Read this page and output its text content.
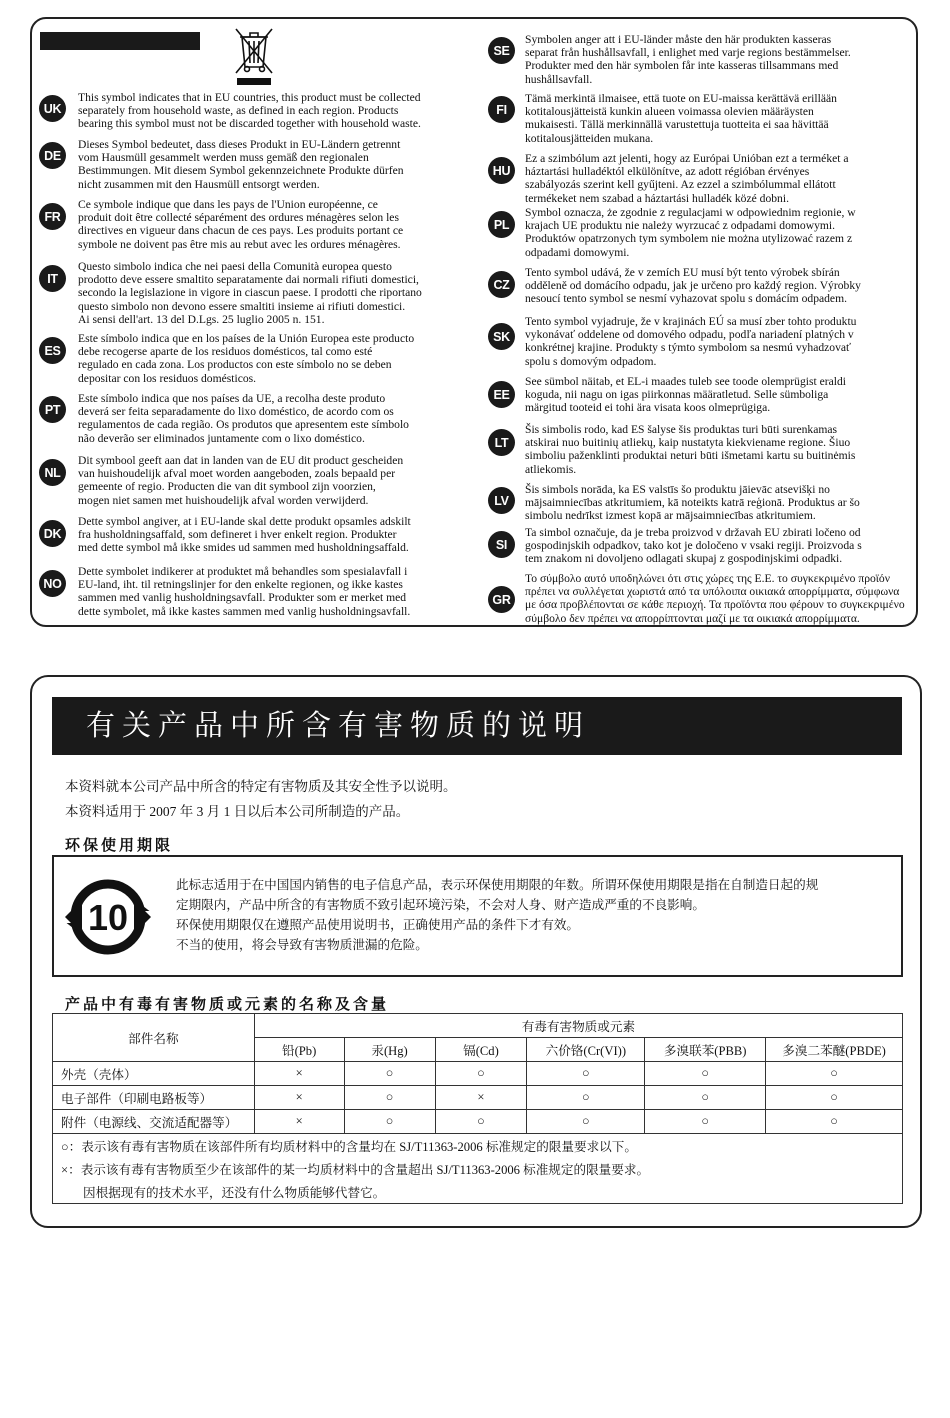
UK
This symbol indicates that in EU countries, this product must be collected
separately from household waste, as defined in each region. Products
bearing this symbol must not be discarded together with household waste.
DE
Dieses Symbol bedeutet, dass dieses Produkt in EU-Ländern getrennt
vom Hausmüll gesammelt werden muss gemäß den regionalen
Bestimmungen. Mit diesem Symbol gekennzeichnete Produkte dürfen
nicht zusammen mit den Hausmüll entsorgt werden.
FR
Ce symbole indique que dans les pays de l'Union européenne, ce
produit doit être collecté séparément des ordures ménagères selon les
directives en vigueur dans chacun de ces pays. Les produits portant ce
symbole ne doivent pas être mis au rebut avec les ordures ménagères.
IT
Questo simbolo indica che nei paesi della Comunità europea questo
prodotto deve essere smaltito separatamente dai normali rifiuti domestici,
secondo la legislazione in vigore in ciascun paese. I prodotti che riportano
questo simbolo non devono essere smaltiti insieme ai rifiuti domestici.
Ai sensi dell'art. 13 del D.Lgs. 25 luglio 2005 n. 151.
ES
Este símbolo indica que en los países de la Unión Europea este producto
debe recogerse aparte de los residuos domésticos, tal como esté
regulado en cada zona. Los productos con este símbolo no se deben
depositar con los residuos domésticos.
PT
Este símbolo indica que nos países da UE, a recolha deste produto
deverá ser feita separadamente do lixo doméstico, de acordo com os
regulamentos de cada região. Os produtos que apresentem este símbolo
não deverão ser eliminados juntamente com o lixo doméstico.
NL
Dit symbool geeft aan dat in landen van de EU dit product gescheiden
van huishoudelijk afval moet worden aangeboden, zoals bepaald per
gemeente of regio. Producten die van dit symbool zijn voorzien,
mogen niet samen met huishoudelijk afval worden verwijderd.
DK
Dette symbol angiver, at i EU-lande skal dette produkt opsamles adskilt
fra husholdningsaffald, som defineret i hver enkelt region. Produkter
med dette symbol må ikke smides ud sammen med husholdningsaffald.
NO
Dette symbolet indikerer at produktet må behandles som spesialavfall i
EU-land, iht. til retningslinjer for den enkelte regionen, og ikke kastes
sammen med vanlig husholdningsavfall. Produkter som er merket med
dette symbolet, må ikke kastes sammen med vanlig husholdningsavfall.
SE
Symbolen anger att i EU-länder måste den här produkten kasseras
separat från hushållsavfall, i enlighet med varje regions bestämmelser.
Produkter med den här symbolen får inte kasseras tillsammans med
hushållsavfall.
FI
Tämä merkintä ilmaisee, että tuote on EU-maissa kerättävä erillään
kotitalousjätteistä kunkin alueen voimassa olevien määräysten
mukaisesti. Tällä merkinnällä varustettuja tuotteita ei saa hävittää
kotitalousjätteiden mukana.
HU
Ez a szimbólum azt jelenti, hogy az Európai Unióban ezt a terméket a
háztartási hulladéktól elkülönítve, az adott régióban érvényes
szabályozás szerint kell gyűjteni. Az ezzel a szimbólummal ellátott
termékeket nem szabad a háztartási hulladék közé dobni.
PL
Symbol oznacza, że zgodnie z regulacjami w odpowiednim regionie, w
krajach UE produktu nie należy wyrzucać z odpadami domowymi.
Produktów opatrzonych tym symbolem nie można utylizować razem z
odpadami domowymi.
CZ
Tento symbol udává, že v zemích EU musí být tento výrobek sbírán
odděleně od domácího odpadu, jak je určeno pro každý region. Výrobky
nesoucí tento symbol se nesmí vyhazovat spolu s domácím odpadem.
SK
Tento symbol vyjadruje, že v krajinách EÚ sa musí zber tohto produktu
vykonávať oddelene od domového odpadu, podľa nariadení platných v
konkrétnej krajine. Produkty s týmto symbolom sa nesmú vyhadzovať
spolu s domovým odpadom.
EE
See sümbol näitab, et EL-i maades tuleb see toode olemprügist eraldi
koguda, nii nagu on igas piirkonnas määratletud. Selle sümboliga
märgitud tooteid ei tohi ära visata koos olmeprügiga.
LT
Šis simbolis rodo, kad ES šalyse šis produktas turi būti surenkamas
atskirai nuo buitinių atliekų, kaip nustatyta kiekviename regione. Šiuo
simboliu paženklinti produktai neturi būti išmetami kartu su buitinėmis
atliekomis.
LV
Šis simbols norāda, ka ES valstīs šo produktu jāievāc atsevišķi no
mājsaimniecības atkritumiem, kā noteikts katrā reģionā. Produktus ar šo
simbolu nedrīkst izmest kopā ar mājsaimniecības atkritumiem.
SI
Ta simbol označuje, da je treba proizvod v državah EU zbirati ločeno od
gospodinjskih odpadkov, tako kot je določeno v vsaki regiji. Proizvoda s
tem znakom ni dovoljeno odlagati skupaj z gospodinjskimi odpadki.
GR
Το σύμβολο αυτό υποδηλώνει ότι στις χώρες της Ε.Ε. το συγκεκριμένο προϊόν
πρέπει να συλλέγεται χωριστά από τα υπόλοιπα οικιακά απορρίμματα, σύμφωνα
με όσα προβλέπονται σε κάθε περιοχή. Τα προϊόντα που φέρουν το συγκεκριμένο
σύμβολο δεν πρέπει να απορρίπτονται μαζί με τα οικιακά απορρίμματα.
有关产品中所含有害物质的说明
本资料就本公司产品中所含的特定有害物质及其安全性予以说明。
本资料适用于 2007 年 3 月 1 日以后本公司所制造的产品。
环保使用期限
10
此标志适用于在中国国内销售的电子信息产品，表示环保使用期限的年数。所谓环保使用期限是指在自制造日起的规
定期限内，产品中所含的有害物质不致引起环境污染，不会对人身、财产造成严重的不良影响。
环保使用期限仅在遵照产品使用说明书，正确使用产品的条件下才有效。
不当的使用，将会导致有害物质泄漏的危险。
产品中有毒有害物质或元素的名称及含量
部件名称	有毒有害物质或元素					
	铅(Pb)	汞(Hg)	镉(Cd)	六价铬(Cr(VI))	多溴联苯(PBB)	多溴二苯醚(PBDE)
外壳（壳体）	×	○	○	○	○	○
电子部件（印刷电路板等）	×	○	×	○	○	○
附件（电源线、交流适配器等）	×	○	○	○	○	○
○：表示该有毒有害物质在该部件所有均质材料中的含量均在 SJ/T11363-2006 标准规定的限量要求以下。						
×：表示该有毒有害物质至少在该部件的某一均质材料中的含量超出 SJ/T11363-2006 标准规定的限量要求。						
因根据现有的技术水平，还没有什么物质能够代替它。						
